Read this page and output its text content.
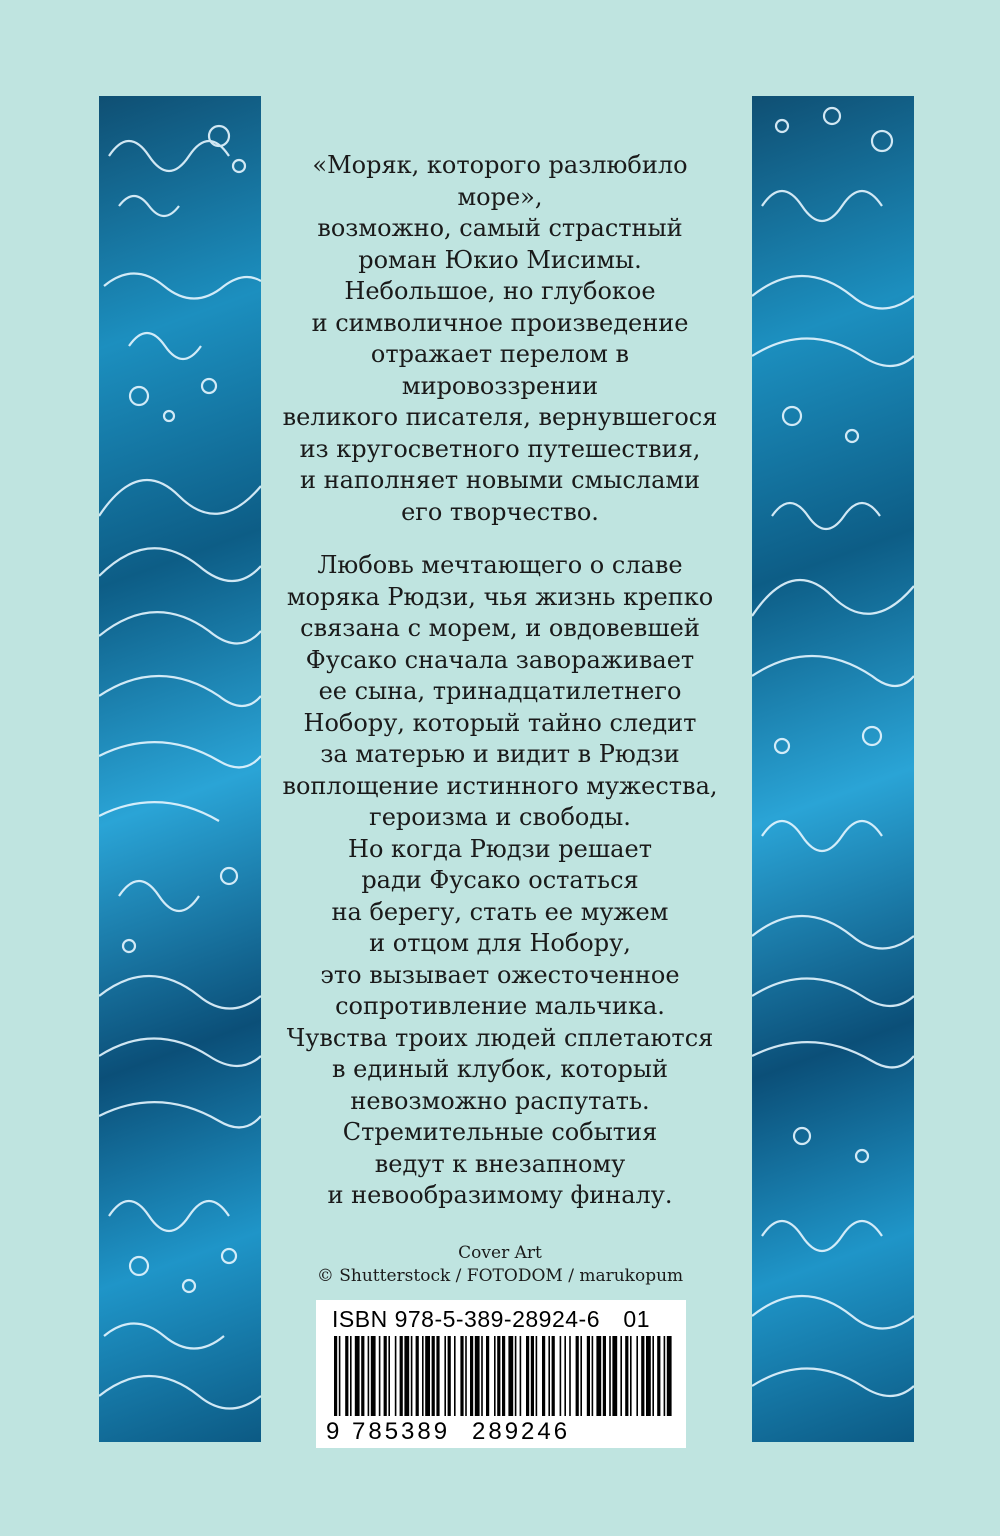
«Моряк, которого разлюбило море»,
возможно, самый страстный
роман Юкио Мисимы.
Небольшое, но глубокое
и символичное произведение
отражает перелом в мировоззрении
великого писателя, вернувшегося
из кругосветного путешествия,
и наполняет новыми смыслами
его творчество.

Любовь мечтающего о славе
моряка Рюдзи, чья жизнь крепко
связана с морем, и овдовевшей
Фусако сначала завораживает
ее сына, тринадцатилетнего
Нобору, который тайно следит
за матерью и видит в Рюдзи
воплощение истинного мужества,
героизма и свободы.
Но когда Рюдзи решает
ради Фусако остаться
на берегу, стать ее мужем
и отцом для Нобору,
это вызывает ожесточенное
сопротивление мальчика.
Чувства троих людей сплетаются
в единый клубок, который
невозможно распутать.
Стремительные события
ведут к внезапному
и невообразимому финалу.

Cover Art
© Shutterstock / FOTODOM / marukopum
ISBN 978-5-389-28924-6 01
9 785389 289246
